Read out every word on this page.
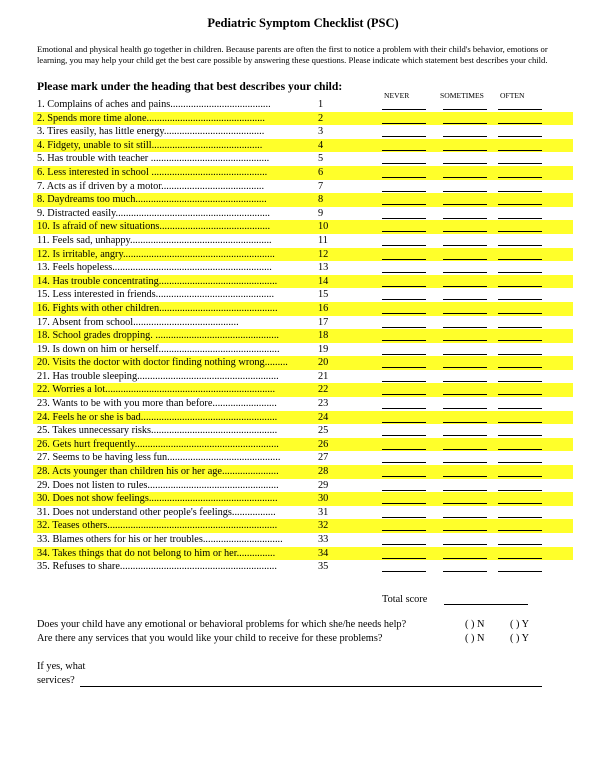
Pediatric Symptom Checklist (PSC)
Emotional and physical health go together in children. Because parents are often the first to notice a problem with their child's behavior, emotions or learning, you may help your child get the best care possible by answering these questions. Please indicate which statement best describes your child.
Please mark under the heading that best describes your child:
NEVER	SOMETIMES OFTEN
1. Complains of aches and pains.......................................	1
2. Spends more time alone..............................................	2
3. Tires easily, has little energy.......................................	3
4. Fidgety, unable to sit still...........................................	4
5. Has trouble with teacher ..............................................	5
6. Less interested in school .............................................	6
7. Acts as if driven by a motor........................................	7
8. Daydreams too much...................................................	8
9. Distracted easily............................................................	9
10. Is afraid of new situations...........................................	10
11. Feels sad, unhappy.......................................................	11
12. Is irritable, angry...........................................................	12
13. Feels hopeless..............................................................	13
14. Has trouble concentrating..............................................	14
15. Less interested in friends..............................................	15
16. Fights with other children..............................................	16
17. Absent from school.........................................	17
18. School grades dropping. ................................................	18
19. Is down on him or herself...............................................	19
20. Visits the doctor with doctor finding nothing wrong.........	20
21. Has trouble sleeping.......................................................	21
22. Worries a lot..................................................................	22
23. Wants to be with you more than before.........................	23
24. Feels he or she is bad.....................................................	24
25. Takes unnecessary risks.................................................	25
26. Gets hurt frequently........................................................	26
27. Seems to be having less fun............................................	27
28. Acts younger than children his or her age......................	28
29. Does not listen to rules...................................................	29
30. Does not show feelings..................................................	30
31. Does not understand other people's feelings.................	31
32. Teases others..................................................................	32
33. Blames others for his or her troubles...............................	33
34. Takes things that do not belong to him or her...............	34
35. Refuses to share.............................................................	35
Total score
Does your child have any emotional or behavioral problems for which she/he needs help?	( ) N ( ) Y
Are there any services that you would like your child to receive for these problems?	( ) N ( ) Y
If yes, what
services?
